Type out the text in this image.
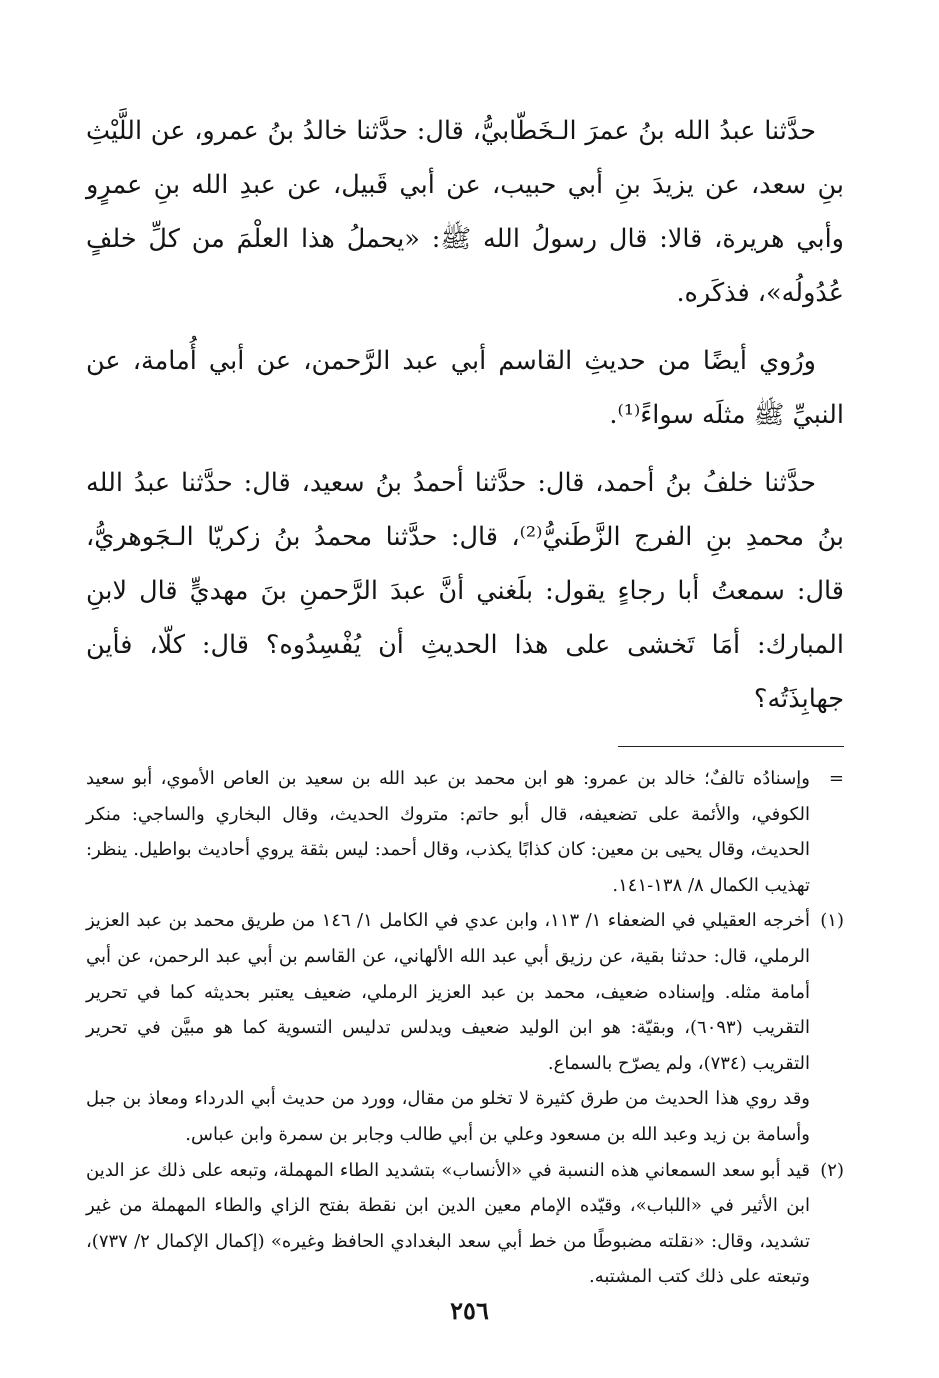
حدَّثنا عبدُ الله بنُ عمرَ الـخَطّابيُّ، قال: حدَّثنا خالدُ بنُ عمرو، عن اللَّيْثِ بنِ سعد، عن يزيدَ بنِ أبي حبيب، عن أبي قَبيل، عن عبدِ الله بنِ عمرٍو وأبي هريرة، قالا: قال رسولُ الله ﷺ: «يحملُ هذا العلْمَ من كلِّ خلفٍ عُدُولُه»، فذكَره.

ورُوي أيضًا من حديثِ القاسم أبي عبد الرَّحمن، عن أبي أُمامة، عن النبيِّ ﷺ مثلَه سواءً⁽¹⁾.

حدَّثنا خلفُ بنُ أحمد، قال: حدَّثنا أحمدُ بنُ سعيد، قال: حدَّثنا عبدُ الله بنُ محمدِ بنِ الفرج الزَّطَنيُّ⁽²⁾، قال: حدَّثنا محمدُ بنُ زكريّا الـجَوهريُّ، قال: سمعتُ أبا رجاءٍ يقول: بلَغني أنَّ عبدَ الرَّحمنِ بنَ مهديٍّ قال لابنِ المبارك: أمَا تَخشى على هذا الحديثِ أن يُفْسِدُوه؟ قال: كلّا، فأين جهابِذَتُه؟

=
وإسنادُه تالفٌ؛ خالد بن عمرو: هو ابن محمد بن عبد الله بن سعيد بن العاص الأموي، أبو سعيد الكوفي، والأئمة على تضعيفه، قال أبو حاتم: متروك الحديث، وقال البخاري والساجي: منكر الحديث، وقال يحيى بن معين: كان كذابًا يكذب، وقال أحمد: ليس بثقة يروي أحاديث بواطيل. ينظر: تهذيب الكمال ٨/ ١٣٨-١٤١.
(١)
أخرجه العقيلي في الضعفاء ١/ ١١٣، وابن عدي في الكامل ١/ ١٤٦ من طريق محمد بن عبد العزيز الرملي، قال: حدثنا بقية، عن رزيق أبي عبد الله الألهاني، عن القاسم بن أبي عبد الرحمن، عن أبي أمامة مثله. وإسناده ضعيف، محمد بن عبد العزيز الرملي، ضعيف يعتبر بحديثه كما في تحرير التقريب (٦٠٩٣)، وبقيّة: هو ابن الوليد ضعيف ويدلس تدليس التسوية كما هو مبيَّن في تحرير التقريب (٧٣٤)، ولم يصرّح بالسماع.
وقد روي هذا الحديث من طرق كثيرة لا تخلو من مقال، وورد من حديث أبي الدرداء ومعاذ بن جبل وأسامة بن زيد وعبد الله بن مسعود وعلي بن أبي طالب وجابر بن سمرة وابن عباس.
(٢)
قيد أبو سعد السمعاني هذه النسبة في «الأنساب» بتشديد الطاء المهملة، وتبعه على ذلك عز الدين ابن الأثير في «اللباب»، وقيّده الإمام معين الدين ابن نقطة بفتح الزاي والطاء المهملة من غير تشديد، وقال: «نقلته مضبوطًا من خط أبي سعد البغدادي الحافظ وغيره» (إكمال الإكمال ٢/ ٧٣٧)، وتبعته على ذلك كتب المشتبه.
٢٥٦
